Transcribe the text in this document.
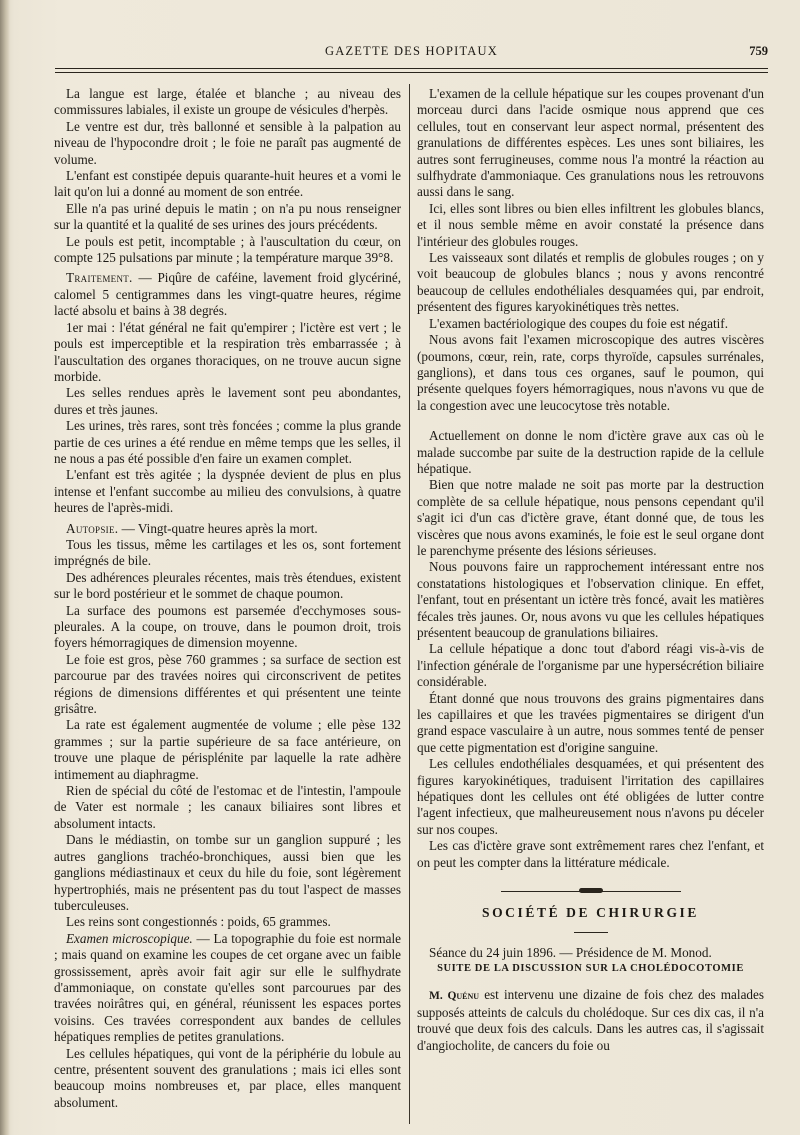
GAZETTE DES HOPITAUX	759

La langue est large, étalée et blanche ; au niveau des commissures labiales, il existe un groupe de vésicules d'herpès.

Le ventre est dur, très ballonné et sensible à la palpation au niveau de l'hypocondre droit ; le foie ne paraît pas augmenté de volume.

L'enfant est constipée depuis quarante-huit heures et a vomi le lait qu'on lui a donné au moment de son entrée.

Elle n'a pas uriné depuis le matin ; on n'a pu nous renseigner sur la quantité et la qualité de ses urines des jours précédents.

Le pouls est petit, incomptable ; à l'auscultation du cœur, on compte 125 pulsations par minute ; la température marque 39°8.

Traitement. — Piqûre de caféine, lavement froid glycériné, calomel 5 centigrammes dans les vingt-quatre heures, régime lacté absolu et bains à 38 degrés.

1er mai : l'état général ne fait qu'empirer ; l'ictère est vert ; le pouls est imperceptible et la respiration très embarrassée ; à l'auscultation des organes thoraciques, on ne trouve aucun signe morbide.

Les selles rendues après le lavement sont peu abondantes, dures et très jaunes.

Les urines, très rares, sont très foncées ; comme la plus grande partie de ces urines a été rendue en même temps que les selles, il ne nous a pas été possible d'en faire un examen complet.

L'enfant est très agitée ; la dyspnée devient de plus en plus intense et l'enfant succombe au milieu des convulsions, à quatre heures de l'après-midi.

Autopsie. — Vingt-quatre heures après la mort.

Tous les tissus, même les cartilages et les os, sont fortement imprégnés de bile.

Des adhérences pleurales récentes, mais très étendues, existent sur le bord postérieur et le sommet de chaque poumon.

La surface des poumons est parsemée d'ecchymoses sous-pleurales. A la coupe, on trouve, dans le poumon droit, trois foyers hémorragiques de dimension moyenne.

Le foie est gros, pèse 760 grammes ; sa surface de section est parcourue par des travées noires qui circonscrivent de petites régions de dimensions différentes et qui présentent une teinte grisâtre.

La rate est également augmentée de volume ; elle pèse 132 grammes ; sur la partie supérieure de sa face antérieure, on trouve une plaque de périsplénite par laquelle la rate adhère intimement au diaphragme.

Rien de spécial du côté de l'estomac et de l'intestin, l'ampoule de Vater est normale ; les canaux biliaires sont libres et absolument intacts.

Dans le médiastin, on tombe sur un ganglion suppuré ; les autres ganglions trachéo-bronchiques, aussi bien que les ganglions médiastinaux et ceux du hile du foie, sont légèrement hypertrophiés, mais ne présentent pas du tout l'aspect de masses tuberculeuses.

Les reins sont congestionnés : poids, 65 grammes.

Examen microscopique. — La topographie du foie est normale ; mais quand on examine les coupes de cet organe avec un faible grossissement, après avoir fait agir sur elle le sulfhydrate d'ammoniaque, on constate qu'elles sont parcourues par des travées noirâtres qui, en général, réunissent les espaces portes voisins. Ces travées correspondent aux bandes de cellules hépatiques remplies de petites granulations.

Les cellules hépatiques, qui vont de la périphérie du lobule au centre, présentent souvent des granulations ; mais ici elles sont beaucoup moins nombreuses et, par place, elles manquent absolument.

L'examen de la cellule hépatique sur les coupes provenant d'un morceau durci dans l'acide osmique nous apprend que ces cellules, tout en conservant leur aspect normal, présentent des granulations de différentes espèces. Les unes sont biliaires, les autres sont ferrugineuses, comme nous l'a montré la réaction au sulfhydrate d'ammoniaque. Ces granulations nous les retrouvons aussi dans le sang.

Ici, elles sont libres ou bien elles infiltrent les globules blancs, et il nous semble même en avoir constaté la présence dans l'intérieur des globules rouges.

Les vaisseaux sont dilatés et remplis de globules rouges ; on y voit beaucoup de globules blancs ; nous y avons rencontré beaucoup de cellules endothéliales desquamées qui, par endroit, présentent des figures karyokinétiques très nettes.

L'examen bactériologique des coupes du foie est négatif.

Nous avons fait l'examen microscopique des autres viscères (poumons, cœur, rein, rate, corps thyroïde, capsules surrénales, ganglions), et dans tous ces organes, sauf le poumon, qui présente quelques foyers hémorragiques, nous n'avons vu que de la congestion avec une leucocytose très notable.

Actuellement on donne le nom d'ictère grave aux cas où le malade succombe par suite de la destruction rapide de la cellule hépatique.

Bien que notre malade ne soit pas morte par la destruction complète de sa cellule hépatique, nous pensons cependant qu'il s'agit ici d'un cas d'ictère grave, étant donné que, de tous les viscères que nous avons examinés, le foie est le seul organe dont le parenchyme présente des lésions sérieuses.

Nous pouvons faire un rapprochement intéressant entre nos constatations histologiques et l'observation clinique. En effet, l'enfant, tout en présentant un ictère très foncé, avait les matières fécales très jaunes. Or, nous avons vu que les cellules hépatiques présentent beaucoup de granulations biliaires.

La cellule hépatique a donc tout d'abord réagi vis-à-vis de l'infection générale de l'organisme par une hypersécrétion biliaire considérable.

Étant donné que nous trouvons des grains pigmentaires dans les capillaires et que les travées pigmentaires se dirigent d'un grand espace vasculaire à un autre, nous sommes tenté de penser que cette pigmentation est d'origine sanguine.

Les cellules endothéliales desquamées, et qui présentent des figures karyokinétiques, traduisent l'irritation des capillaires hépatiques dont les cellules ont été obligées de lutter contre l'agent infectieux, que malheureusement nous n'avons pu déceler sur nos coupes.

Les cas d'ictère grave sont extrêmement rares chez l'enfant, et on peut les compter dans la littérature médicale.

SOCIÉTÉ DE CHIRURGIE

Séance du 24 juin 1896. — Présidence de M. Monod.

SUITE DE LA DISCUSSION SUR LA CHOLÉDOCOTOMIE

M. Quénu est intervenu une dizaine de fois chez des malades supposés atteints de calculs du cholédoque. Sur ces dix cas, il n'a trouvé que deux fois des calculs. Dans les autres cas, il s'agissait d'angiocholite, de cancers du foie ou
